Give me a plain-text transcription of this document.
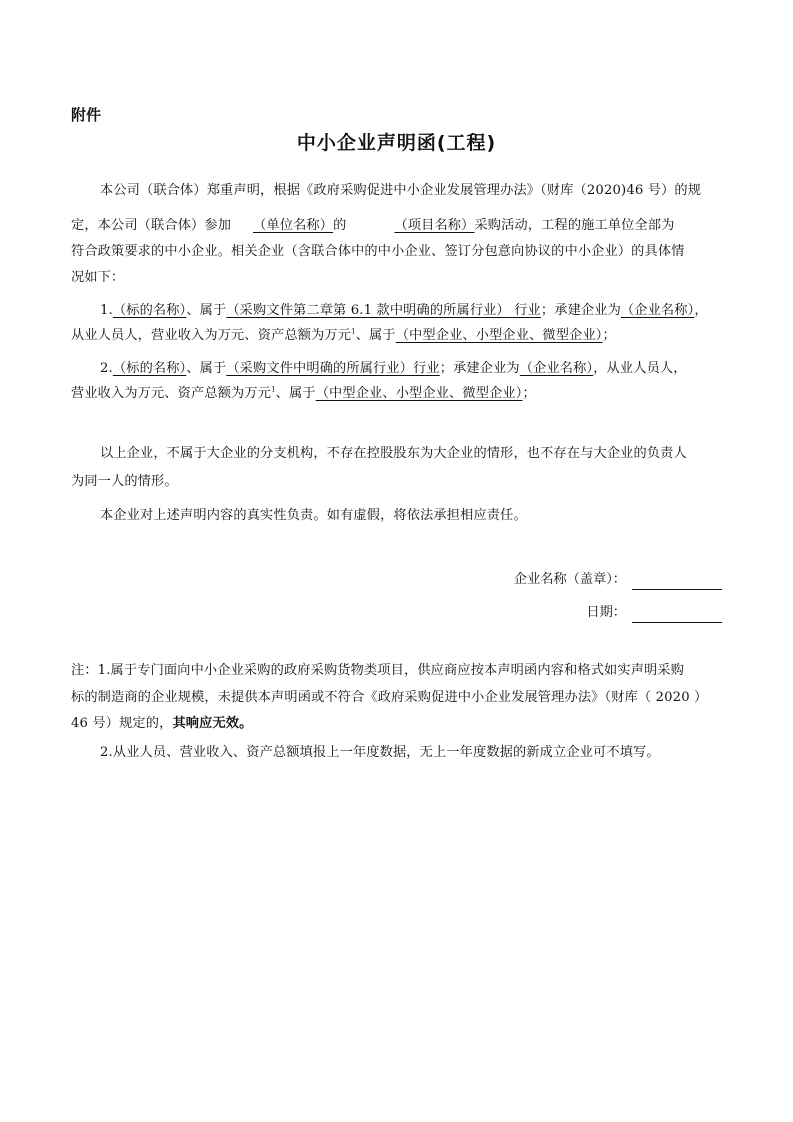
附件
中小企业声明函(工程)
本公司（联合体）郑重声明，根据《政府采购促进中小企业发展管理办法》（财库（2020)46 号）的规
定，本公司（联合体）参加 （单位名称）的	（项目名称）采购活动，工程的施工单位全部为
符合政策要求的中小企业。相关企业（含联合体中的中小企业、签订分包意向协议的中小企业）的具体情
况如下：
1.（标的名称）、属于（采购文件第二章第 6.1 款中明确的所属行业） 行业；承建企业为（企业名称），
从业人员人，营业收入为万元、资产总额为万元$^1$、属于（中型企业、小型企业、微型企业）；
2.（标的名称）、属于（采购文件中明确的所属行业）行业；承建企业为（企业名称），从业人员人，
营业收入为万元、资产总额为万元$^1$、属于（中型企业、小型企业、微型企业）；
以上企业，不属于大企业的分支机构，不存在控股股东为大企业的情形，也不存在与大企业的负责人
为同一人的情形。
本企业对上述声明内容的真实性负责。如有虚假，将依法承担相应责任。
企业名称（盖章）：
日期：
注：1.属于专门面向中小企业采购的政府采购货物类项目，供应商应按本声明函内容和格式如实声明采购
标的制造商的企业规模，未提供本声明函或不符合《政府采购促进中小企业发展管理办法》（财库（ 2020 ）
46 号）规定的，其响应无效。
2.从业人员、营业收入、资产总额填报上一年度数据，无上一年度数据的新成立企业可不填写。
